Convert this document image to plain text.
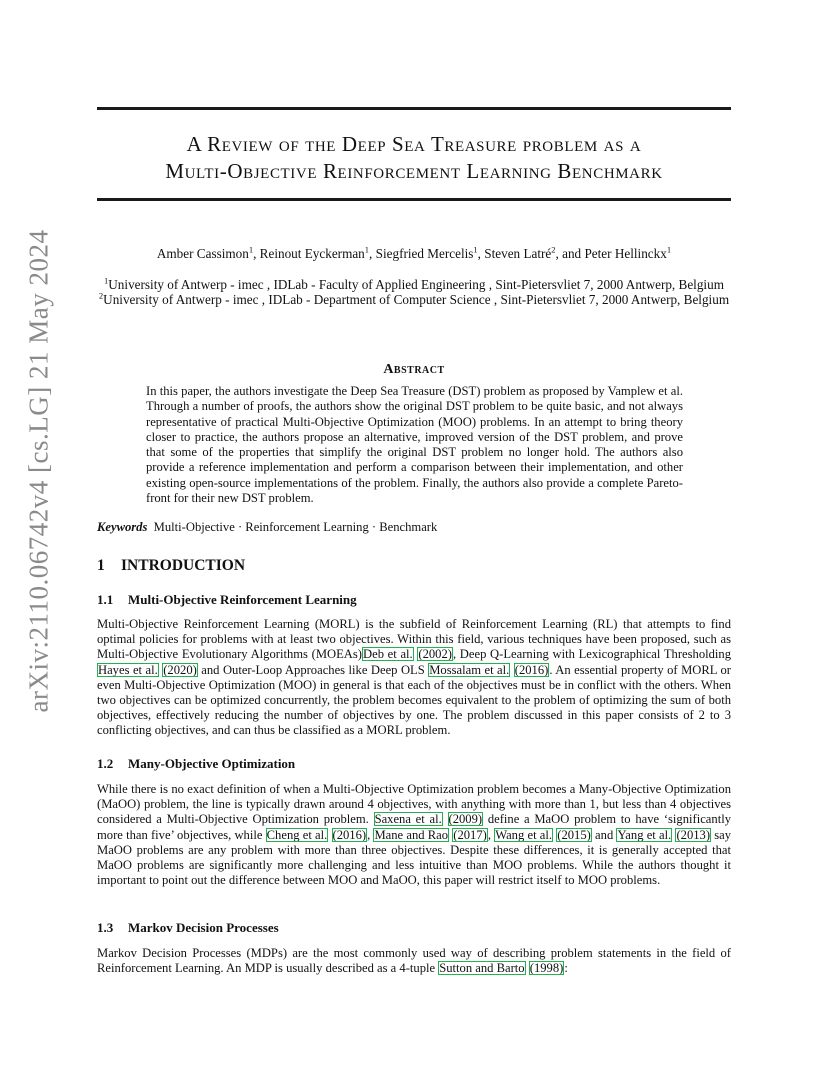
arXiv:2110.06742v4 [cs.LG] 21 May 2024
A Review of the Deep Sea Treasure problem as a
Multi-Objective Reinforcement Learning Benchmark
Amber Cassimon$^1$, Reinout Eyckerman$^1$, Siegfried Mercelis$^1$, Steven Latré$^2$, and Peter Hellinckx$^1$
$^1$University of Antwerp - imec , IDLab - Faculty of Applied Engineering , Sint-Pietersvliet 7, 2000 Antwerp, Belgium
$^2$University of Antwerp - imec , IDLab - Department of Computer Science , Sint-Pietersvliet 7, 2000 Antwerp, Belgium
Abstract
In this paper, the authors investigate the Deep Sea Treasure (DST) problem as proposed by Vamplew et al. Through a number of proofs, the authors show the original DST problem to be quite basic, and not always representative of practical Multi-Objective Optimization (MOO) problems. In an attempt to bring theory closer to practice, the authors propose an alternative, improved version of the DST problem, and prove that some of the properties that simplify the original DST problem no longer hold. The authors also provide a reference implementation and perform a comparison between their implementation, and other existing open-source implementations of the problem. Finally, the authors also provide a complete Pareto-front for their new DST problem.
Keywords Multi-Objective · Reinforcement Learning · Benchmark
1 INTRODUCTION
1.1 Multi-Objective Reinforcement Learning
Multi-Objective Reinforcement Learning (MORL) is the subfield of Reinforcement Learning (RL) that attempts to find optimal policies for problems with at least two objectives. Within this field, various techniques have been proposed, such as Multi-Objective Evolutionary Algorithms (MOEAs)Deb et al. (2002), Deep Q-Learning with Lexicographical Thresholding Hayes et al. (2020) and Outer-Loop Approaches like Deep OLS Mossalam et al. (2016). An essential property of MORL or even Multi-Objective Optimization (MOO) in general is that each of the objectives must be in conflict with the others. When two objectives can be optimized concurrently, the problem becomes equivalent to the problem of optimizing the sum of both objectives, effectively reducing the number of objectives by one. The problem discussed in this paper consists of 2 to 3 conflicting objectives, and can thus be classified as a MORL problem.
1.2 Many-Objective Optimization
While there is no exact definition of when a Multi-Objective Optimization problem becomes a Many-Objective Optimization (MaOO) problem, the line is typically drawn around 4 objectives, with anything with more than 1, but less than 4 objectives considered a Multi-Objective Optimization problem. Saxena et al. (2009) define a MaOO problem to have ‘significantly more than five’ objectives, while Cheng et al. (2016), Mane and Rao (2017), Wang et al. (2015) and Yang et al. (2013) say MaOO problems are any problem with more than three objectives. Despite these differences, it is generally accepted that MaOO problems are significantly more challenging and less intuitive than MOO problems. While the authors thought it important to point out the difference between MOO and MaOO, this paper will restrict itself to MOO problems.
1.3 Markov Decision Processes
Markov Decision Processes (MDPs) are the most commonly used way of describing problem statements in the field of Reinforcement Learning. An MDP is usually described as a 4-tuple Sutton and Barto (1998):
